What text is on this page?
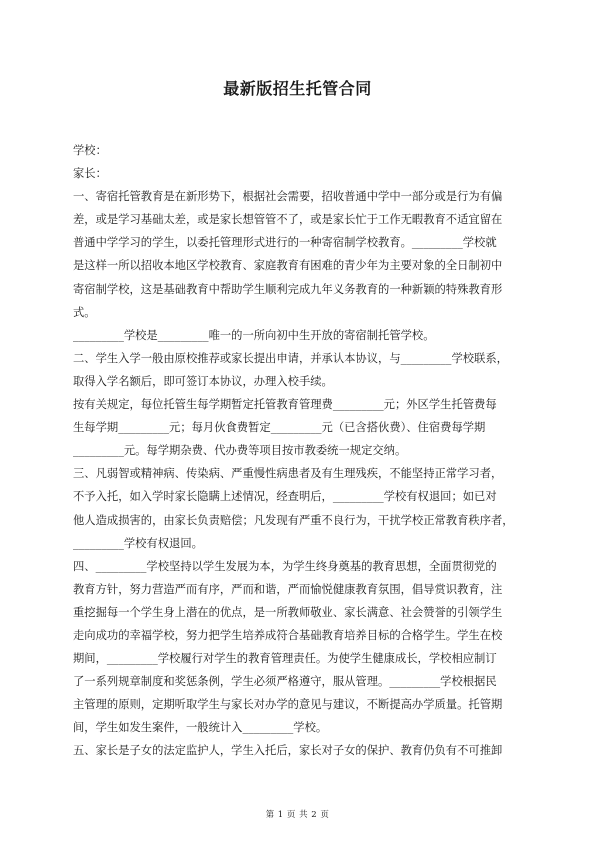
最新版招生托管合同

学校：

家长：

一、寄宿托管教育是在新形势下，根据社会需要，招收普通中学中一部分或是行为有偏

差，或是学习基础太差，或是家长想管管不了，或是家长忙于工作无暇教育不适宜留在

普通中学学习的学生，以委托管理形式进行的一种寄宿制学校教育。_________学校就

是这样一所以招收本地区学校教育、家庭教育有困难的青少年为主要对象的全日制初中

寄宿制学校，这是基础教育中帮助学生顺利完成九年义务教育的一种新颖的特殊教育形

式。

_________学校是_________唯一的一所向初中生开放的寄宿制托管学校。

二、学生入学一般由原校推荐或家长提出申请，并承认本协议，与_________学校联系，

取得入学名额后，即可签订本协议，办理入校手续。

按有关规定，每位托管生每学期暂定托管教育管理费_________元；外区学生托管费每

生每学期_________元；每月伙食费暂定_________元（已含搭伙费）、住宿费每学期

_________元。每学期杂费、代办费等项目按市教委统一规定交纳。

三、凡弱智或精神病、传染病、严重慢性病患者及有生理残疾，不能坚持正常学习者，

不予入托，如入学时家长隐瞒上述情况，经查明后，_________学校有权退回；如已对

他人造成损害的，由家长负责赔偿；凡发现有严重不良行为，干扰学校正常教育秩序者，

_________学校有权退回。

四、_________学校坚持以学生发展为本，为学生终身奠基的教育思想，全面贯彻党的

教育方针，努力营造严而有序，严而和谐，严而愉悦健康教育氛围，倡导赏识教育，注

重挖掘每一个学生身上潜在的优点，是一所教师敬业、家长满意、社会赞誉的引领学生

走向成功的幸福学校，努力把学生培养成符合基础教育培养目标的合格学生。学生在校

期间，_________学校履行对学生的教育管理责任。为使学生健康成长，学校相应制订

了一系列规章制度和奖惩条例，学生必须严格遵守，服从管理。_________学校根据民

主管理的原则，定期听取学生与家长对办学的意见与建议，不断提高办学质量。托管期

间，学生如发生案件，一般统计入_________学校。

五、家长是子女的法定监护人，学生入托后，家长对子女的保护、教育仍负有不可推卸

第 1 页 共 2 页
